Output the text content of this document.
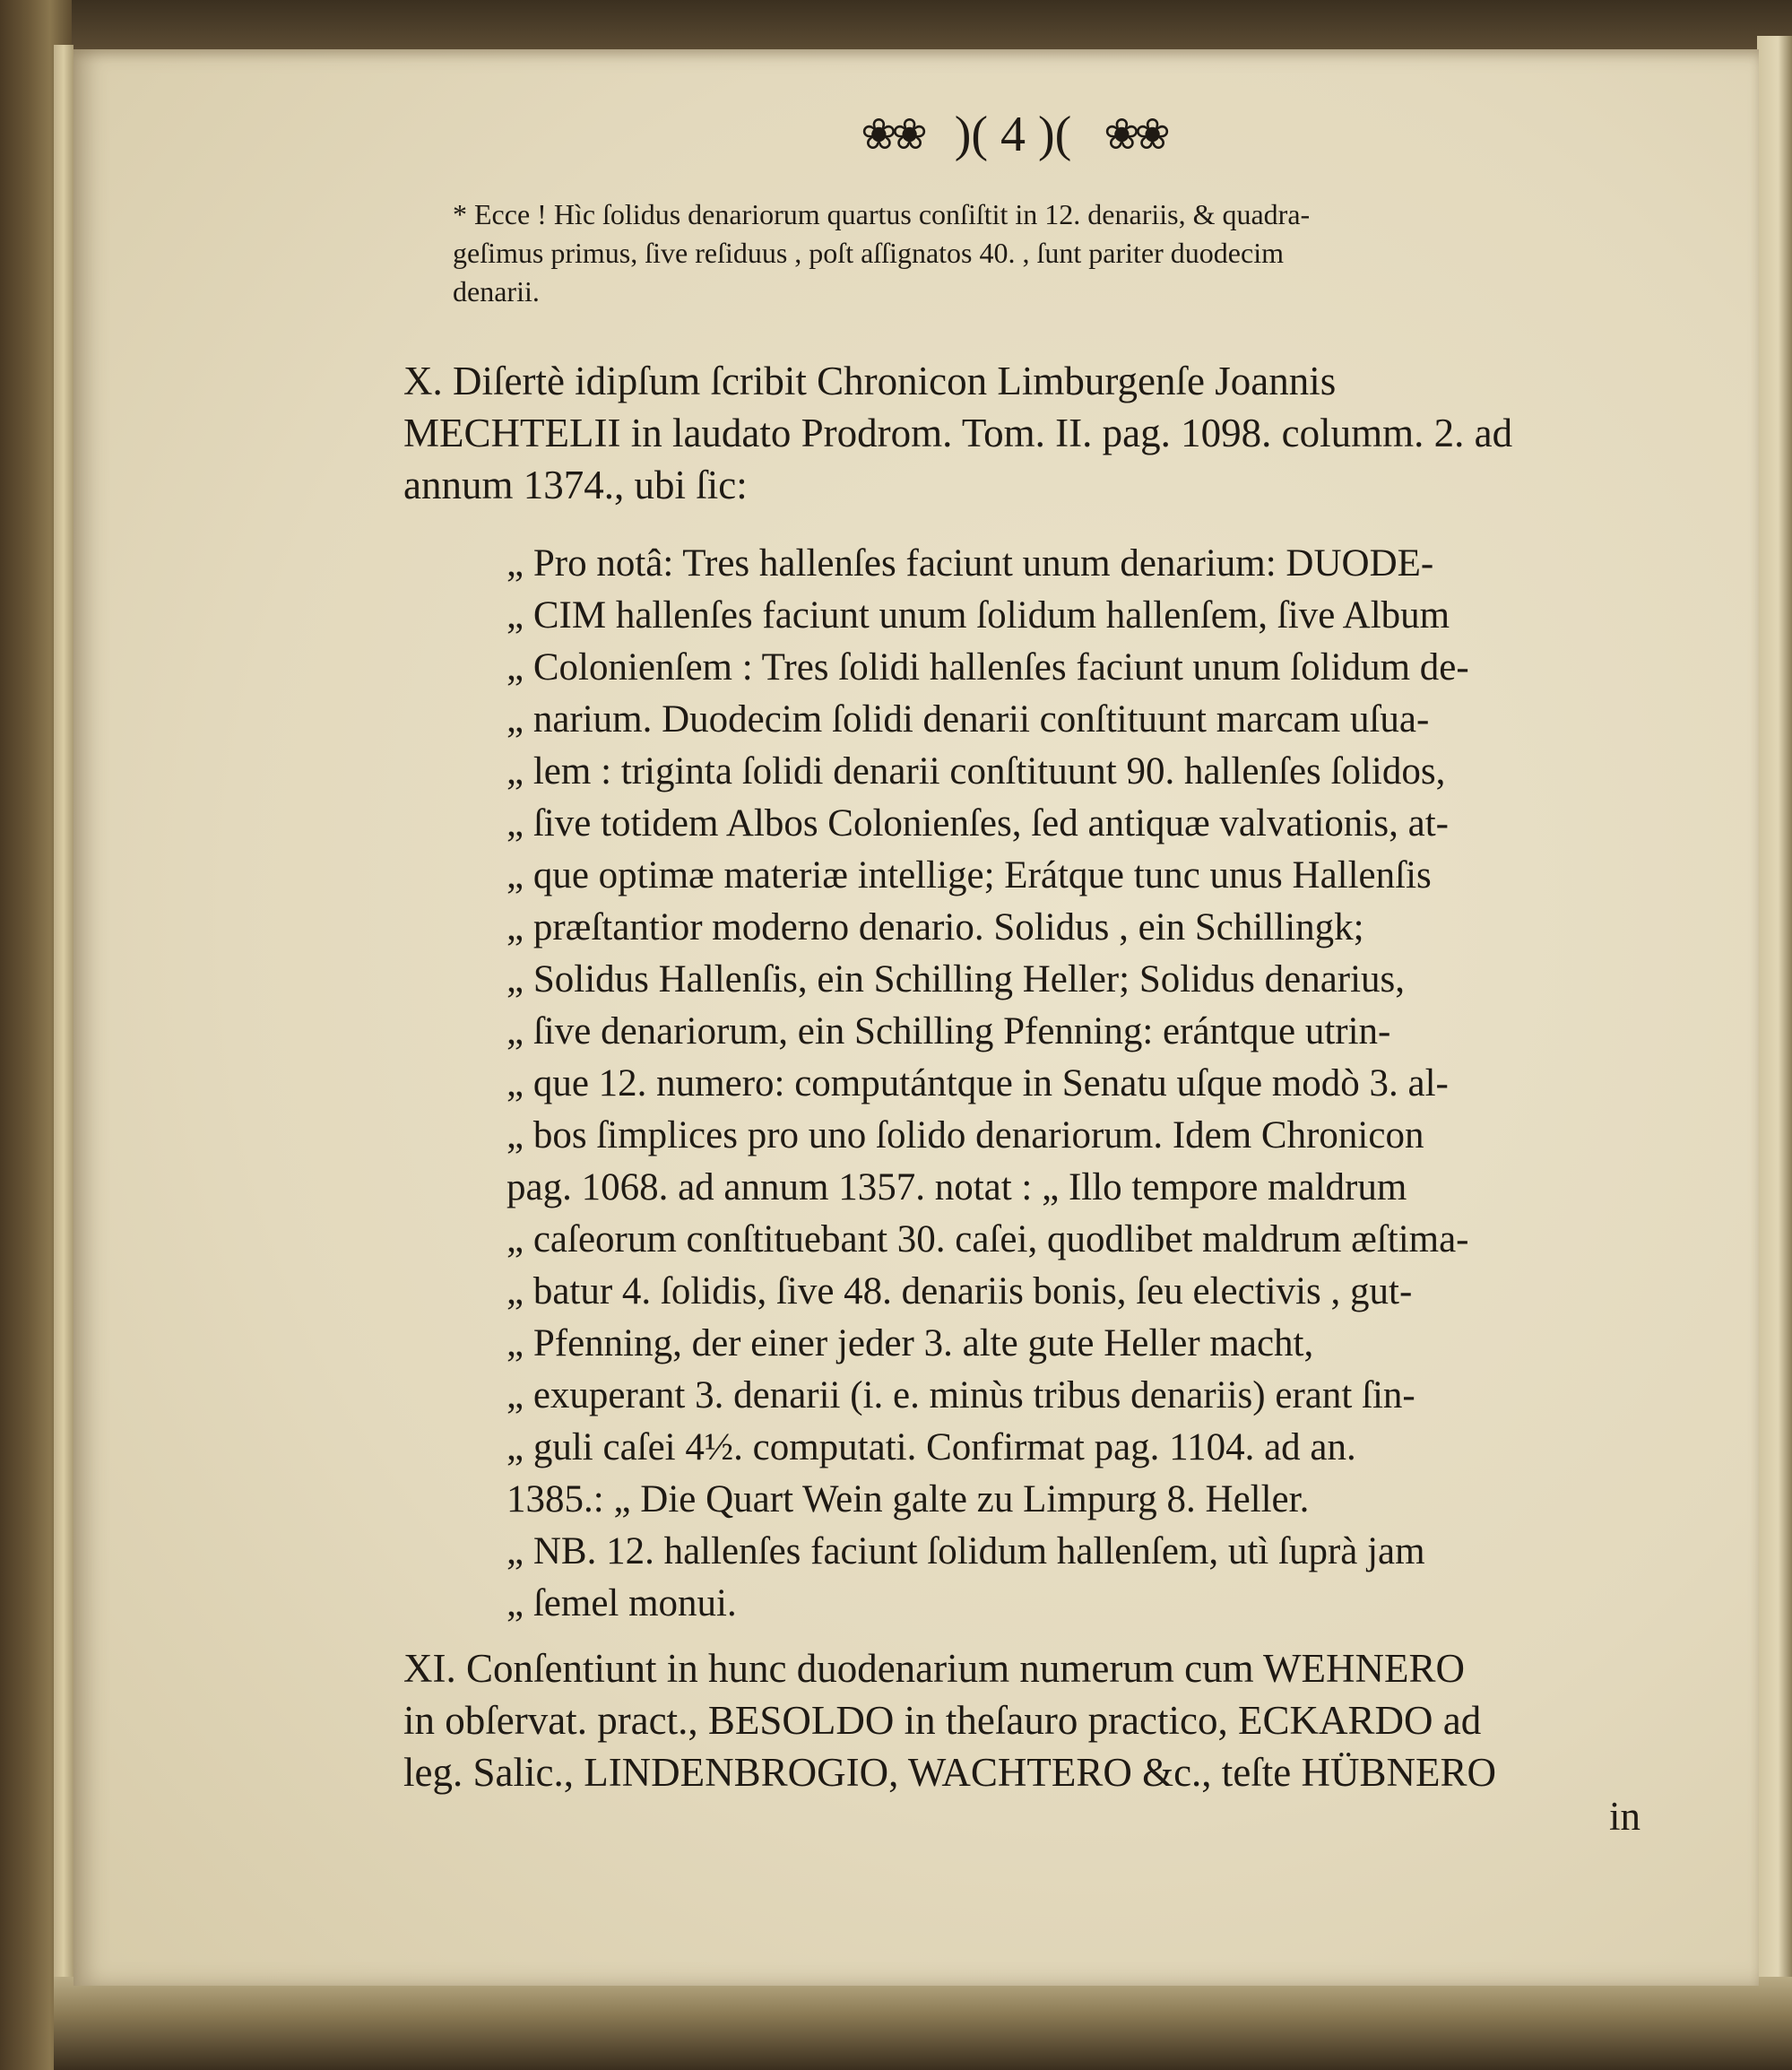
❀❀ )( 4 )( ❀❀
* Ecce ! Hìc ſolidus denariorum quartus conſiſtit in 12. denariis, & quadra-
geſimus primus, ſive reſiduus , poſt aſſignatos 40. , ſunt pariter duodecim
denarii.
X. Diſertè idipſum ſcribit Chronicon Limburgenſe Joannis
MECHTELII in laudato Prodrom. Tom. II. pag. 1098. columm. 2. ad
annum 1374., ubi ſic:
„ Pro notâ: Tres hallenſes faciunt unum denarium: DUODE-
„ CIM hallenſes faciunt unum ſolidum hallenſem, ſive Album
„ Colonienſem : Tres ſolidi hallenſes faciunt unum ſolidum de-
„ narium. Duodecim ſolidi denarii conſtituunt marcam uſua-
„ lem : triginta ſolidi denarii conſtituunt 90. hallenſes ſolidos,
„ ſive totidem Albos Colonienſes, ſed antiquæ valvationis, at-
„ que optimæ materiæ intellige; Erátque tunc unus Hallenſis
„ præſtantior moderno denario. Solidus , ein Schillingk;
„ Solidus Hallenſis, ein Schilling Heller; Solidus denarius,
„ ſive denariorum, ein Schilling Pfenning: erántque utrin-
„ que 12. numero: computántque in Senatu uſque modò 3. al-
„ bos ſimplices pro uno ſolido denariorum. Idem Chronicon
pag. 1068. ad annum 1357. notat : „ Illo tempore maldrum
„ caſeorum conſtituebant 30. caſei, quodlibet maldrum æſtima-
„ batur 4. ſolidis, ſive 48. denariis bonis, ſeu electivis , gut-
„ Pfenning, der einer jeder 3. alte gute Heller macht,
„ exuperant 3. denarii (i. e. minùs tribus denariis) erant ſin-
„ guli caſei 4½. computati. Confirmat pag. 1104. ad an.
1385.: „ Die Quart Wein galte zu Limpurg 8. Heller.
„ NB. 12. hallenſes faciunt ſolidum hallenſem, utì ſuprà jam
„ ſemel monui.
XI. Conſentiunt in hunc duodenarium numerum cum WEHNERO
in obſervat. pract., BESOLDO in theſauro practico, ECKARDO ad
leg. Salic., LINDENBROGIO, WACHTERO &c., teſte HÜBNERO
in
